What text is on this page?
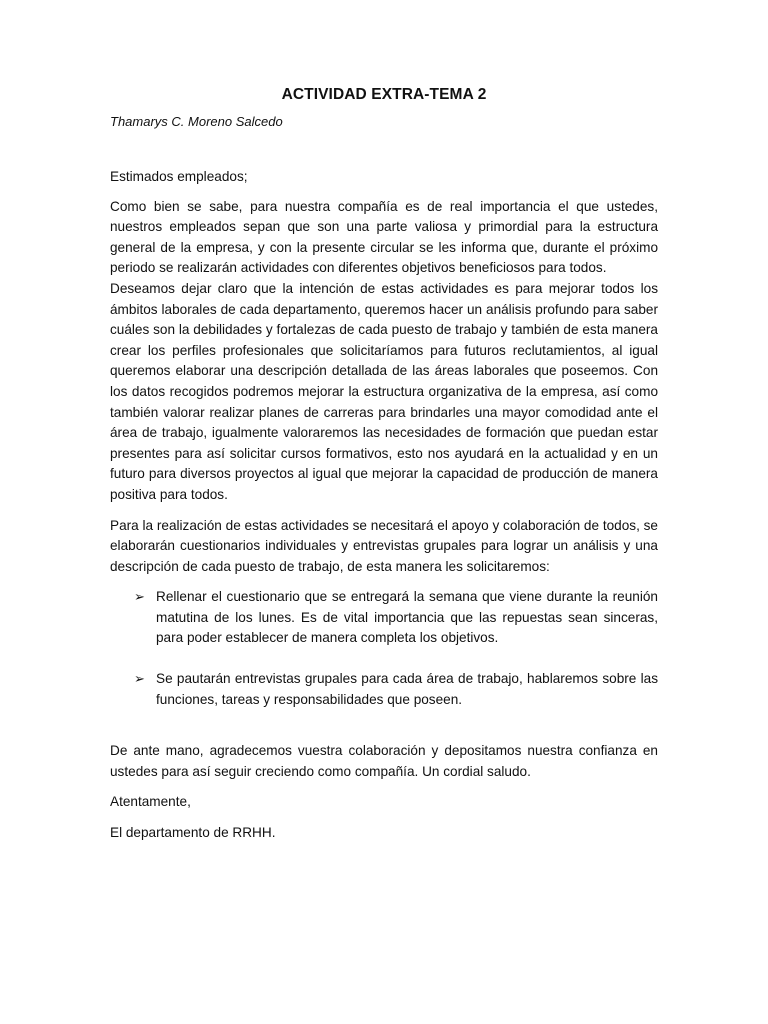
ACTIVIDAD EXTRA-TEMA 2

Thamarys C. Moreno Salcedo

Estimados empleados;

Como bien se sabe, para nuestra compañía es de real importancia el que ustedes, nuestros empleados sepan que son una parte valiosa y primordial para la estructura general de la empresa, y con la presente circular se les informa que, durante el próximo periodo se realizarán actividades con diferentes objetivos beneficiosos para todos.

Deseamos dejar claro que la intención de estas actividades es para mejorar todos los ámbitos laborales de cada departamento, queremos hacer un análisis profundo para saber cuáles son la debilidades y fortalezas de cada puesto de trabajo y también de esta manera crear los perfiles profesionales que solicitaríamos para futuros reclutamientos, al igual queremos elaborar una descripción detallada de las áreas laborales que poseemos. Con los datos recogidos podremos mejorar la estructura organizativa de la empresa, así como también valorar realizar planes de carreras para brindarles una mayor comodidad ante el área de trabajo, igualmente valoraremos las necesidades de formación que puedan estar presentes para así solicitar cursos formativos, esto nos ayudará en la actualidad y en un futuro para diversos proyectos al igual que mejorar la capacidad de producción de manera positiva para todos.

Para la realización de estas actividades se necesitará el apoyo y colaboración de todos, se elaborarán cuestionarios individuales y entrevistas grupales para lograr un análisis y una descripción de cada puesto de trabajo, de esta manera les solicitaremos:

➢ Rellenar el cuestionario que se entregará la semana que viene durante la reunión matutina de los lunes. Es de vital importancia que las repuestas sean sinceras, para poder establecer de manera completa los objetivos.
➢ Se pautarán entrevistas grupales para cada área de trabajo, hablaremos sobre las funciones, tareas y responsabilidades que poseen.

De ante mano, agradecemos vuestra colaboración y depositamos nuestra confianza en ustedes para así seguir creciendo como compañía. Un cordial saludo.

Atentamente,

El departamento de RRHH.
